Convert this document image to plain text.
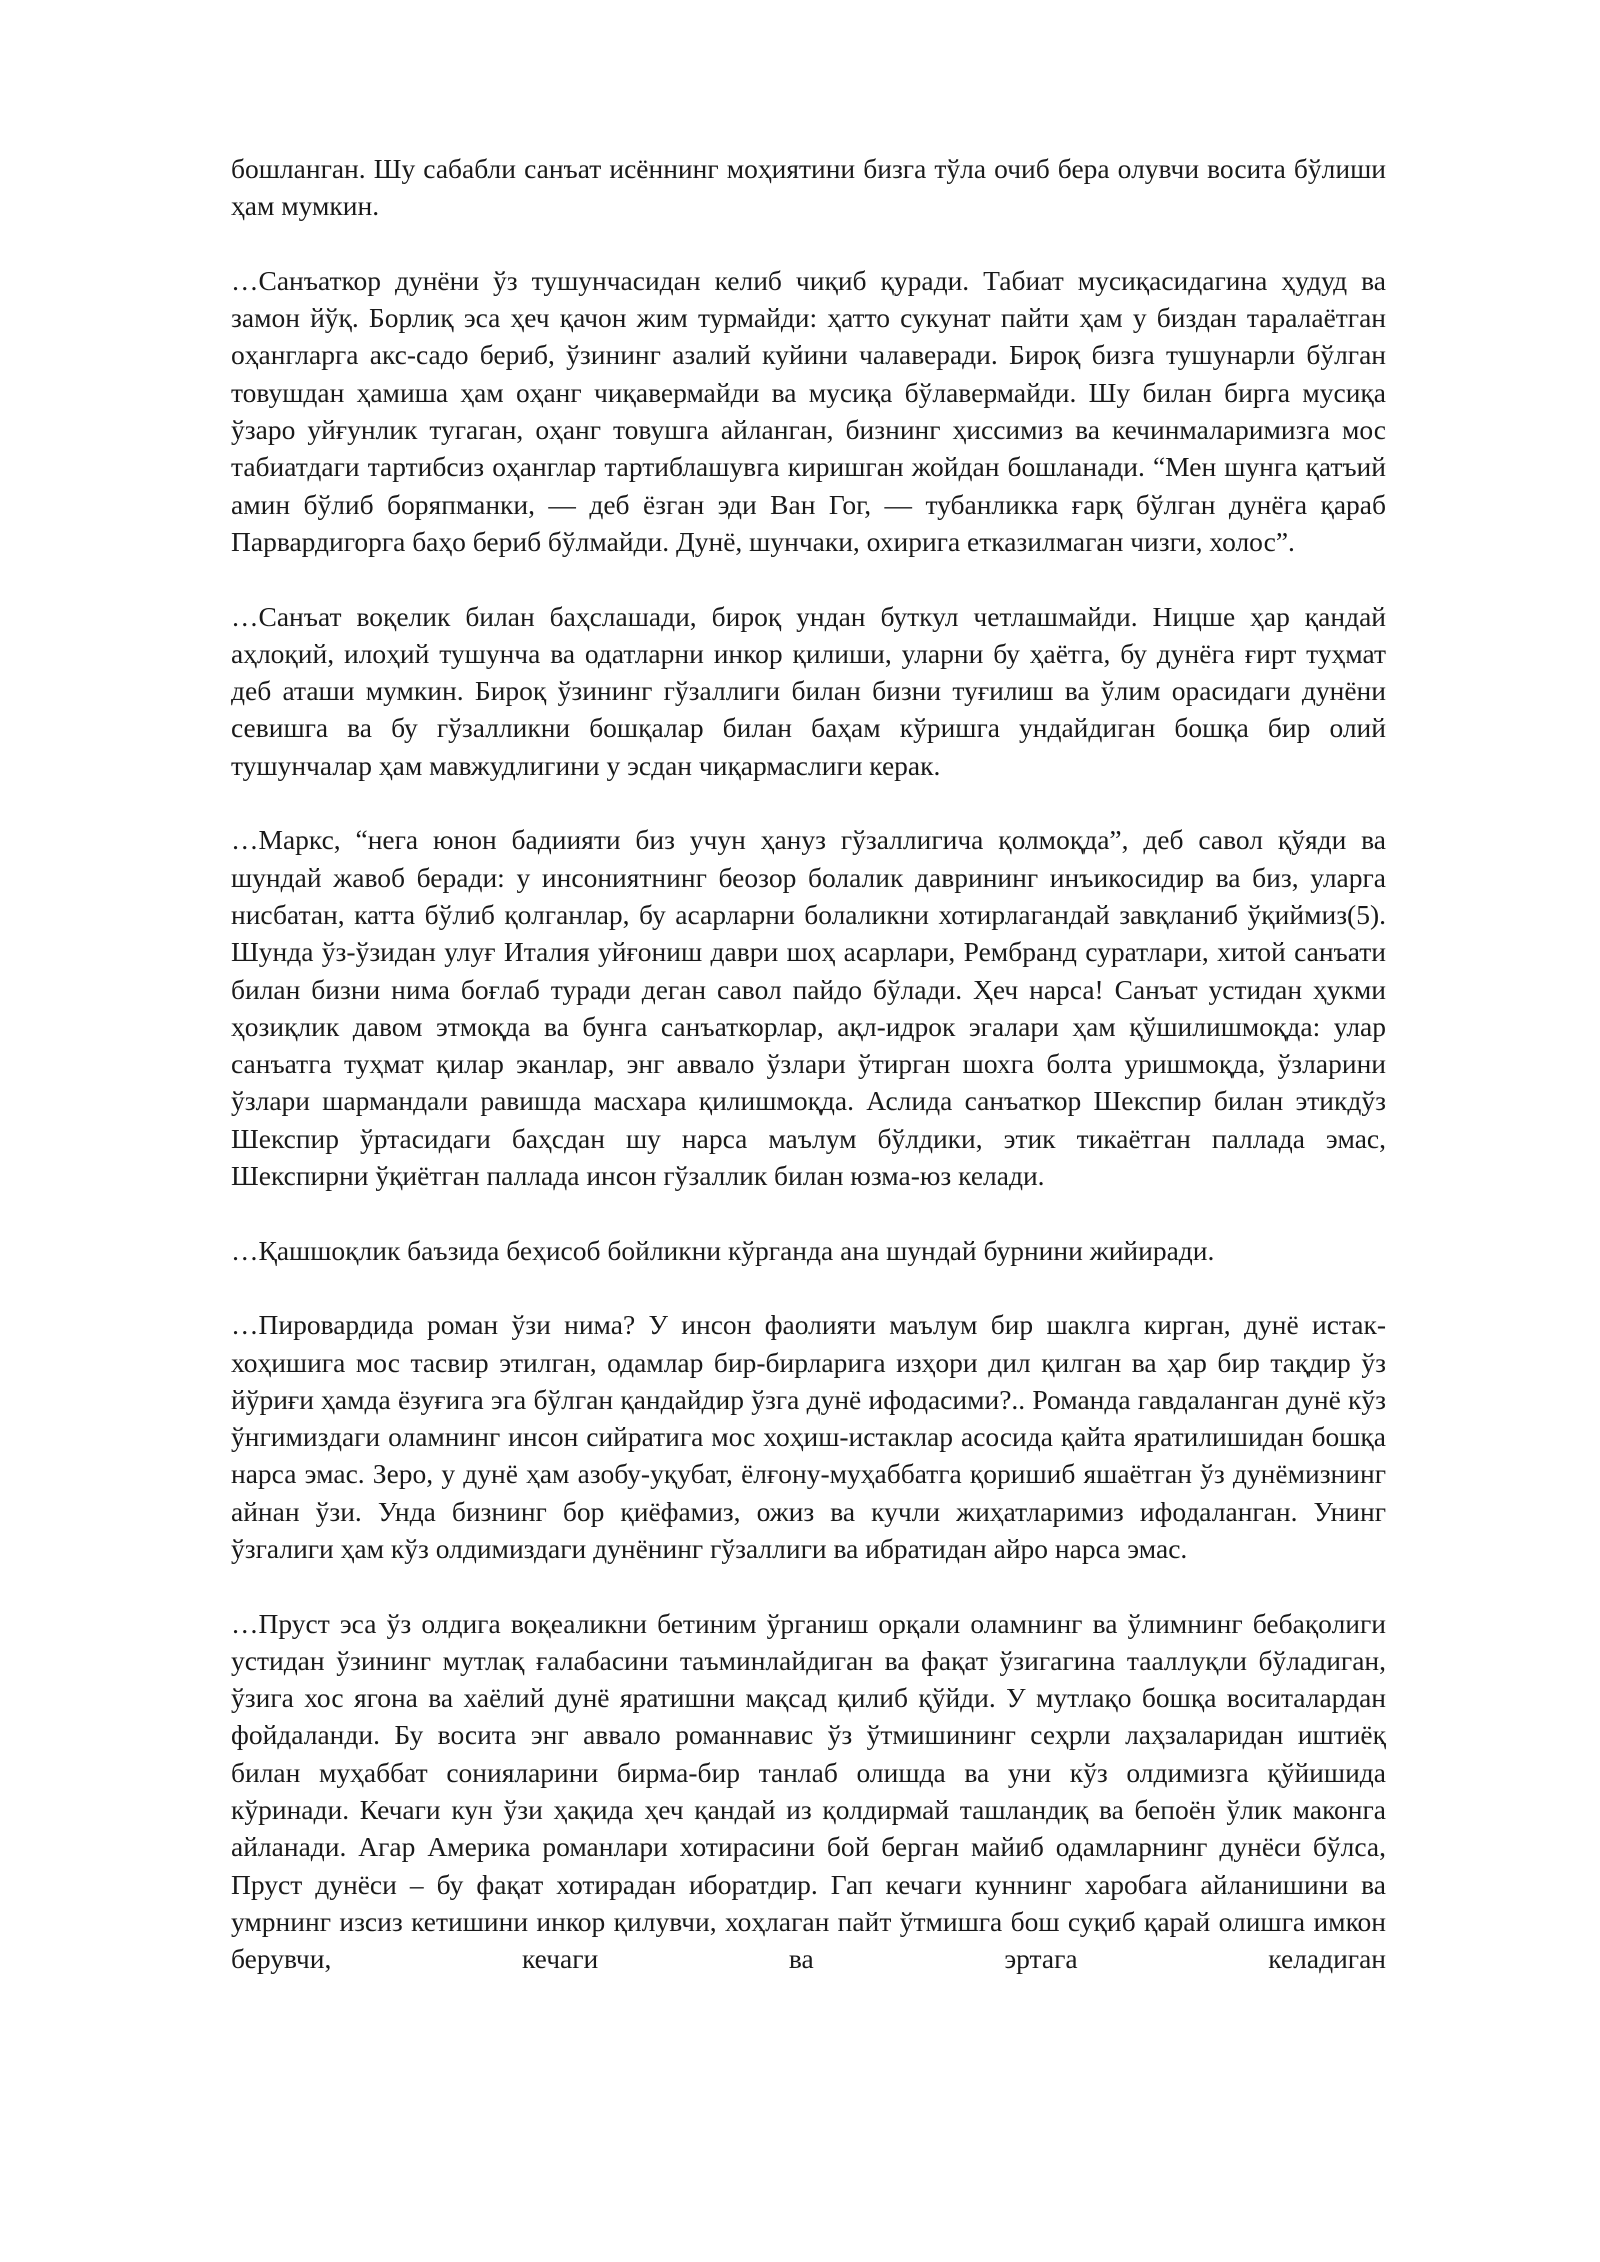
бошланган. Шу сабабли санъат исённинг моҳиятини бизга тўла очиб бера олувчи восита бўлиши ҳам мумкин.

…Санъаткор дунёни ўз тушунчасидан келиб чиқиб қуради. Табиат мусиқасидагина ҳудуд ва замон йўқ. Борлиқ эса ҳеч қачон жим турмайди: ҳатто сукунат пайти ҳам у биздан таралаётган оҳангларга акс-садо бериб, ўзининг азалий куйини чалаверади. Бироқ бизга тушунарли бўлган товушдан ҳамиша ҳам оҳанг чиқавермайди ва мусиқа бўлавермайди. Шу билан бирга мусиқа ўзаро уйғунлик тугаган, оҳанг товушга айланган, бизнинг ҳиссимиз ва кечинмаларимизга мос табиатдаги тартибсиз оҳанглар тартиблашувга киришган жойдан бошланади. “Мен шунга қатъий амин бўлиб боряпманки, — деб ёзган эди Ван Гог, — тубанликка ғарқ бўлган дунёга қараб Парвардигорга баҳо бериб бўлмайди. Дунё, шунчаки, охирига етказилмаган чизги, холос”.

…Санъат воқелик билан баҳслашади, бироқ ундан буткул четлашмайди. Ницше ҳар қандай аҳлоқий, илоҳий тушунча ва одатларни инкор қилиши, уларни бу ҳаётга, бу дунёга ғирт туҳмат деб аташи мумкин. Бироқ ўзининг гўзаллиги билан бизни туғилиш ва ўлим орасидаги дунёни севишга ва бу гўзалликни бошқалар билан баҳам кўришга ундайдиган бошқа бир олий тушунчалар ҳам мавжудлигини у эсдан чиқармаслиги керак.

…Маркс, “нега юнон бадиияти биз учун ҳануз гўзаллигича қолмоқда”, деб савол қўяди ва шундай жавоб беради: у инсониятнинг беозор болалик даврининг инъикосидир ва биз, уларга нисбатан, катта бўлиб қолганлар, бу асарларни болаликни хотирлагандай завқланиб ўқиймиз(5). Шунда ўз-ўзидан улуғ Италия уйғониш даври шоҳ асарлари, Рембранд суратлари, хитой санъати билан бизни нима боғлаб туради деган савол пайдо бўлади. Ҳеч нарса! Санъат устидан ҳукми ҳозиқлик давом этмоқда ва бунга санъаткорлар, ақл-идрок эгалари ҳам қўшилишмоқда: улар санъатга туҳмат қилар эканлар, энг аввало ўзлари ўтирган шохга болта уришмоқда, ўзларини ўзлари шармандали равишда масхара қилишмоқда. Аслида санъаткор Шекспир билан этикдўз Шекспир ўртасидаги баҳсдан шу нарса маълум бўлдики, этик тикаётган паллада эмас, Шекспирни ўқиётган паллада инсон гўзаллик билан юзма-юз келади.

…Қашшоқлик баъзида беҳисоб бойликни кўрганда ана шундай бурнини жийиради.

…Пировардида роман ўзи нима? У инсон фаолияти маълум бир шаклга кирган, дунё истак-хоҳишига мос тасвир этилган, одамлар бир-бирларига изҳори дил қилган ва ҳар бир тақдир ўз йўриғи ҳамда ёзуғига эга бўлган қандайдир ўзга дунё ифодасими?.. Романда гавдаланган дунё кўз ўнгимиздаги оламнинг инсон сийратига мос хоҳиш-истаклар асосида қайта яратилишидан бошқа нарса эмас. Зеро, у дунё ҳам азобу-уқубат, ёлғону-муҳаббатга қоришиб яшаётган ўз дунёмизнинг айнан ўзи. Унда бизнинг бор қиёфамиз, ожиз ва кучли жиҳатларимиз ифодаланган. Унинг ўзгалиги ҳам кўз олдимиздаги дунёнинг гўзаллиги ва ибратидан айро нарса эмас.

…Пруст эса ўз олдига воқеаликни бетиним ўрганиш орқали оламнинг ва ўлимнинг бебақолиги устидан ўзининг мутлақ ғалабасини таъминлайдиган ва фақат ўзигагина тааллуқли бўладиган, ўзига хос ягона ва хаёлий дунё яратишни мақсад қилиб қўйди. У мутлақо бошқа воситалардан фойдаланди. Бу восита энг аввало романнавис ўз ўтмишининг сеҳрли лаҳзаларидан иштиёқ билан муҳаббат сонияларини бирма-бир танлаб олишда ва уни кўз олдимизга қўйишида кўринади. Кечаги кун ўзи ҳақида ҳеч қандай из қолдирмай ташландиқ ва бепоён ўлик маконга айланади. Агар Америка романлари хотирасини бой берган майиб одамларнинг дунёси бўлса, Пруст дунёси – бу фақат хотирадан иборатдир. Гап кечаги куннинг харобага айланишини ва умрнинг изсиз кетишини инкор қилувчи, хоҳлаган пайт ўтмишга бош суқиб қарай олишга имкон берувчи, кечаги ва эртага келадиган
